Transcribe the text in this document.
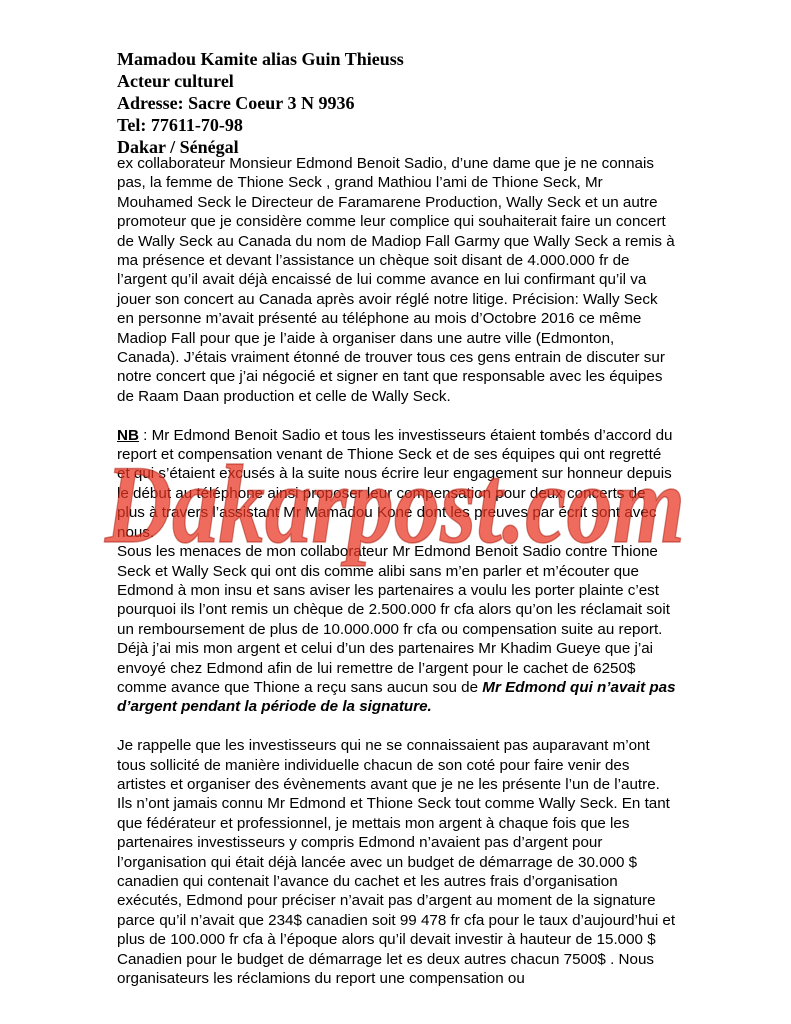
Mamadou Kamite alias Guin Thieuss
Acteur culturel
Adresse: Sacre Coeur 3 N 9936
Tel: 77611-70-98
Dakar / Sénégal

ex collaborateur Monsieur Edmond Benoit Sadio, d’une dame que je ne connais pas, la femme de Thione Seck , grand Mathiou l’ami de Thione Seck, Mr Mouhamed Seck le Directeur de Faramarene Production, Wally Seck et un autre promoteur que je considère comme leur complice qui souhaiterait faire un concert de Wally Seck au Canada du nom de Madiop Fall Garmy que Wally Seck a remis à ma présence et devant l’assistance un chèque soit disant de 4.000.000 fr de l’argent qu’il avait déjà encaissé de lui comme avance en lui confirmant qu’il va jouer son concert au Canada après avoir réglé notre litige. Précision: Wally Seck en personne m’avait présenté au téléphone au mois d’Octobre 2016 ce même Madiop Fall pour que je l’aide à organiser dans une autre ville (Edmonton, Canada). J’étais vraiment étonné de trouver tous ces gens entrain de discuter sur notre concert que j’ai négocié et signer en tant que responsable avec les équipes de Raam Daan production et celle de Wally Seck.

NB : Mr Edmond Benoit Sadio et tous les investisseurs étaient tombés d’accord du report et compensation venant de Thione Seck et de ses équipes qui ont regretté et qui s’étaient excusés à la suite nous écrire leur engagement sur honneur depuis le début au téléphone ainsi proposer leur compensation pour deux concerts de plus à travers l’assistant Mr Mamadou Kone dont les preuves par écrit sont avec nous.

Sous les menaces de mon collaborateur Mr Edmond Benoit Sadio contre Thione Seck et Wally Seck qui ont dis comme alibi sans m’en parler et m’écouter que Edmond à mon insu et sans aviser les partenaires a voulu les porter plainte c’est pourquoi ils l’ont remis un chèque de 2.500.000 fr cfa alors qu’on les réclamait soit un remboursement de plus de 10.000.000 fr cfa ou compensation suite au report. Déjà j’ai mis mon argent et celui d’un des partenaires Mr Khadim Gueye que j’ai envoyé chez Edmond afin de lui remettre de l’argent pour le cachet de 6250$ comme avance que Thione a reçu sans aucun sou de Mr Edmond qui n’avait pas d’argent pendant la période de la signature.

Je rappelle que les investisseurs qui ne se connaissaient pas auparavant m’ont tous sollicité de manière individuelle chacun de son coté pour faire venir des artistes et organiser des évènements avant que je ne les présente l’un de l’autre. Ils n’ont jamais connu Mr Edmond et Thione Seck tout comme Wally Seck. En tant que fédérateur et professionnel, je mettais mon argent à chaque fois que les partenaires investisseurs y compris Edmond n’avaient pas d’argent pour l’organisation qui était déjà lancée avec un budget de démarrage de 30.000 $ canadien qui contenait l’avance du cachet et les autres frais d’organisation exécutés, Edmond pour préciser n’avait pas d’argent au moment de la signature parce qu’il n’avait que 234$ canadien soit 99 478 fr cfa pour le taux d’aujourd’hui et plus de 100.000 fr cfa à l’époque alors qu’il devait investir à hauteur de 15.000 $ Canadien pour le budget de démarrage let es deux autres chacun 7500$ . Nous organisateurs les réclamions du report une compensation ou

Dakarpost.com
